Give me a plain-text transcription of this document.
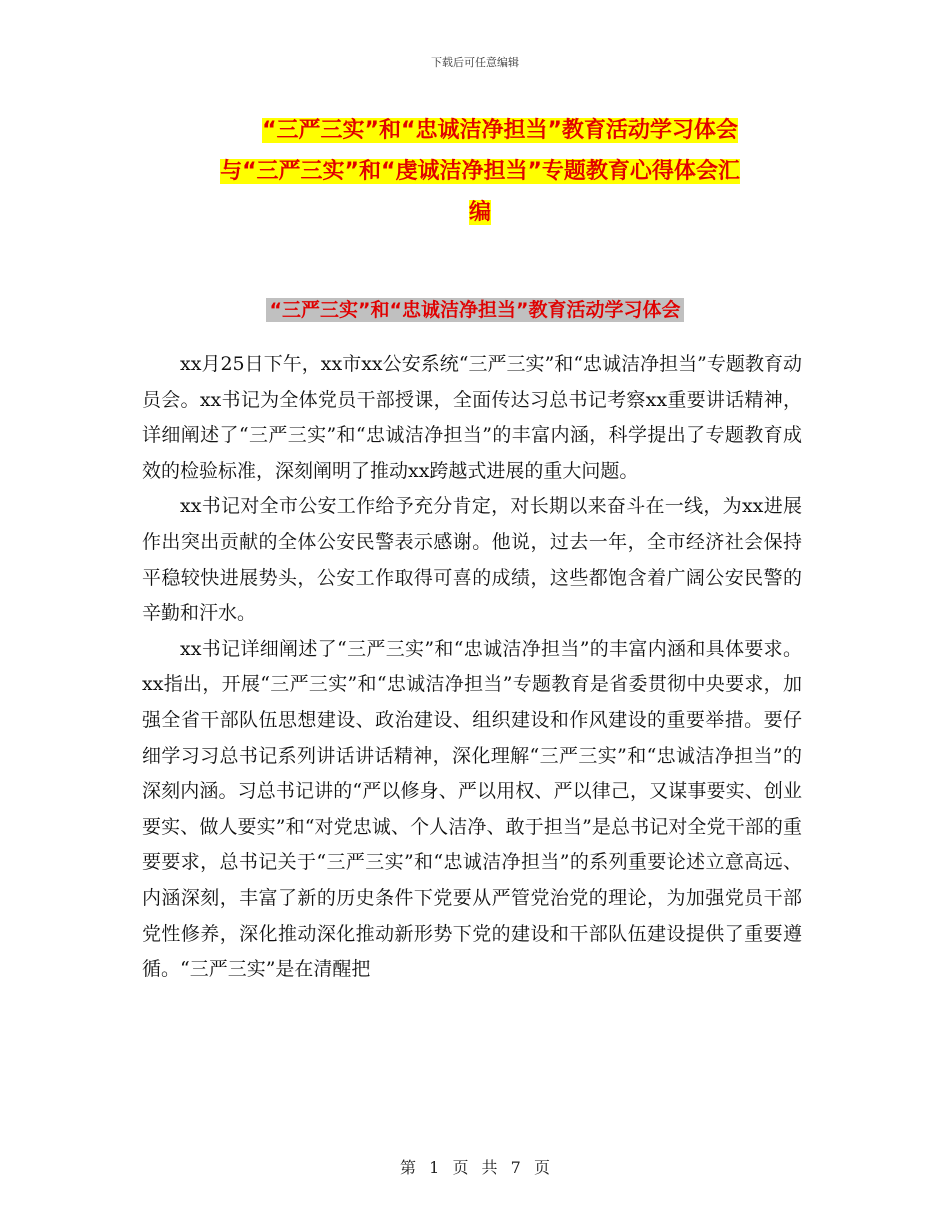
下载后可任意编辑
“三严三实”和“忠诚洁净担当”教育活动学习体会
与“三严三实”和“虔诚洁净担当”专题教育心得体会汇
编
“三严三实”和“忠诚洁净担当”教育活动学习体会

xx月25日下午，xx市xx公安系统“三严三实”和“忠诚洁净担当”专题教育动员会。xx书记为全体党员干部授课，全面传达习总书记考察xx重要讲话精神，详细阐述了“三严三实”和“忠诚洁净担当”的丰富内涵，科学提出了专题教育成效的检验标准，深刻阐明了推动xx跨越式进展的重大问题。

xx书记对全市公安工作给予充分肯定，对长期以来奋斗在一线，为xx进展作出突出贡献的全体公安民警表示感谢。他说，过去一年，全市经济社会保持平稳较快进展势头，公安工作取得可喜的成绩，这些都饱含着广阔公安民警的辛勤和汗水。

xx书记详细阐述了“三严三实”和“忠诚洁净担当”的丰富内涵和具体要求。xx指出，开展“三严三实”和“忠诚洁净担当”专题教育是省委贯彻中央要求，加强全省干部队伍思想建设、政治建设、组织建设和作风建设的重要举措。要仔细学习习总书记系列讲话讲话精神，深化理解“三严三实”和“忠诚洁净担当”的深刻内涵。习总书记讲的“严以修身、严以用权、严以律己，又谋事要实、创业要实、做人要实”和“对党忠诚、个人洁净、敢于担当”是总书记对全党干部的重要要求，总书记关于“三严三实”和“忠诚洁净担当”的系列重要论述立意高远、内涵深刻，丰富了新的历史条件下党要从严管党治党的理论，为加强党员干部党性修养，深化推动深化推动新形势下党的建设和干部队伍建设提供了重要遵循。“三严三实”是在清醒把

第 1 页 共 7 页
